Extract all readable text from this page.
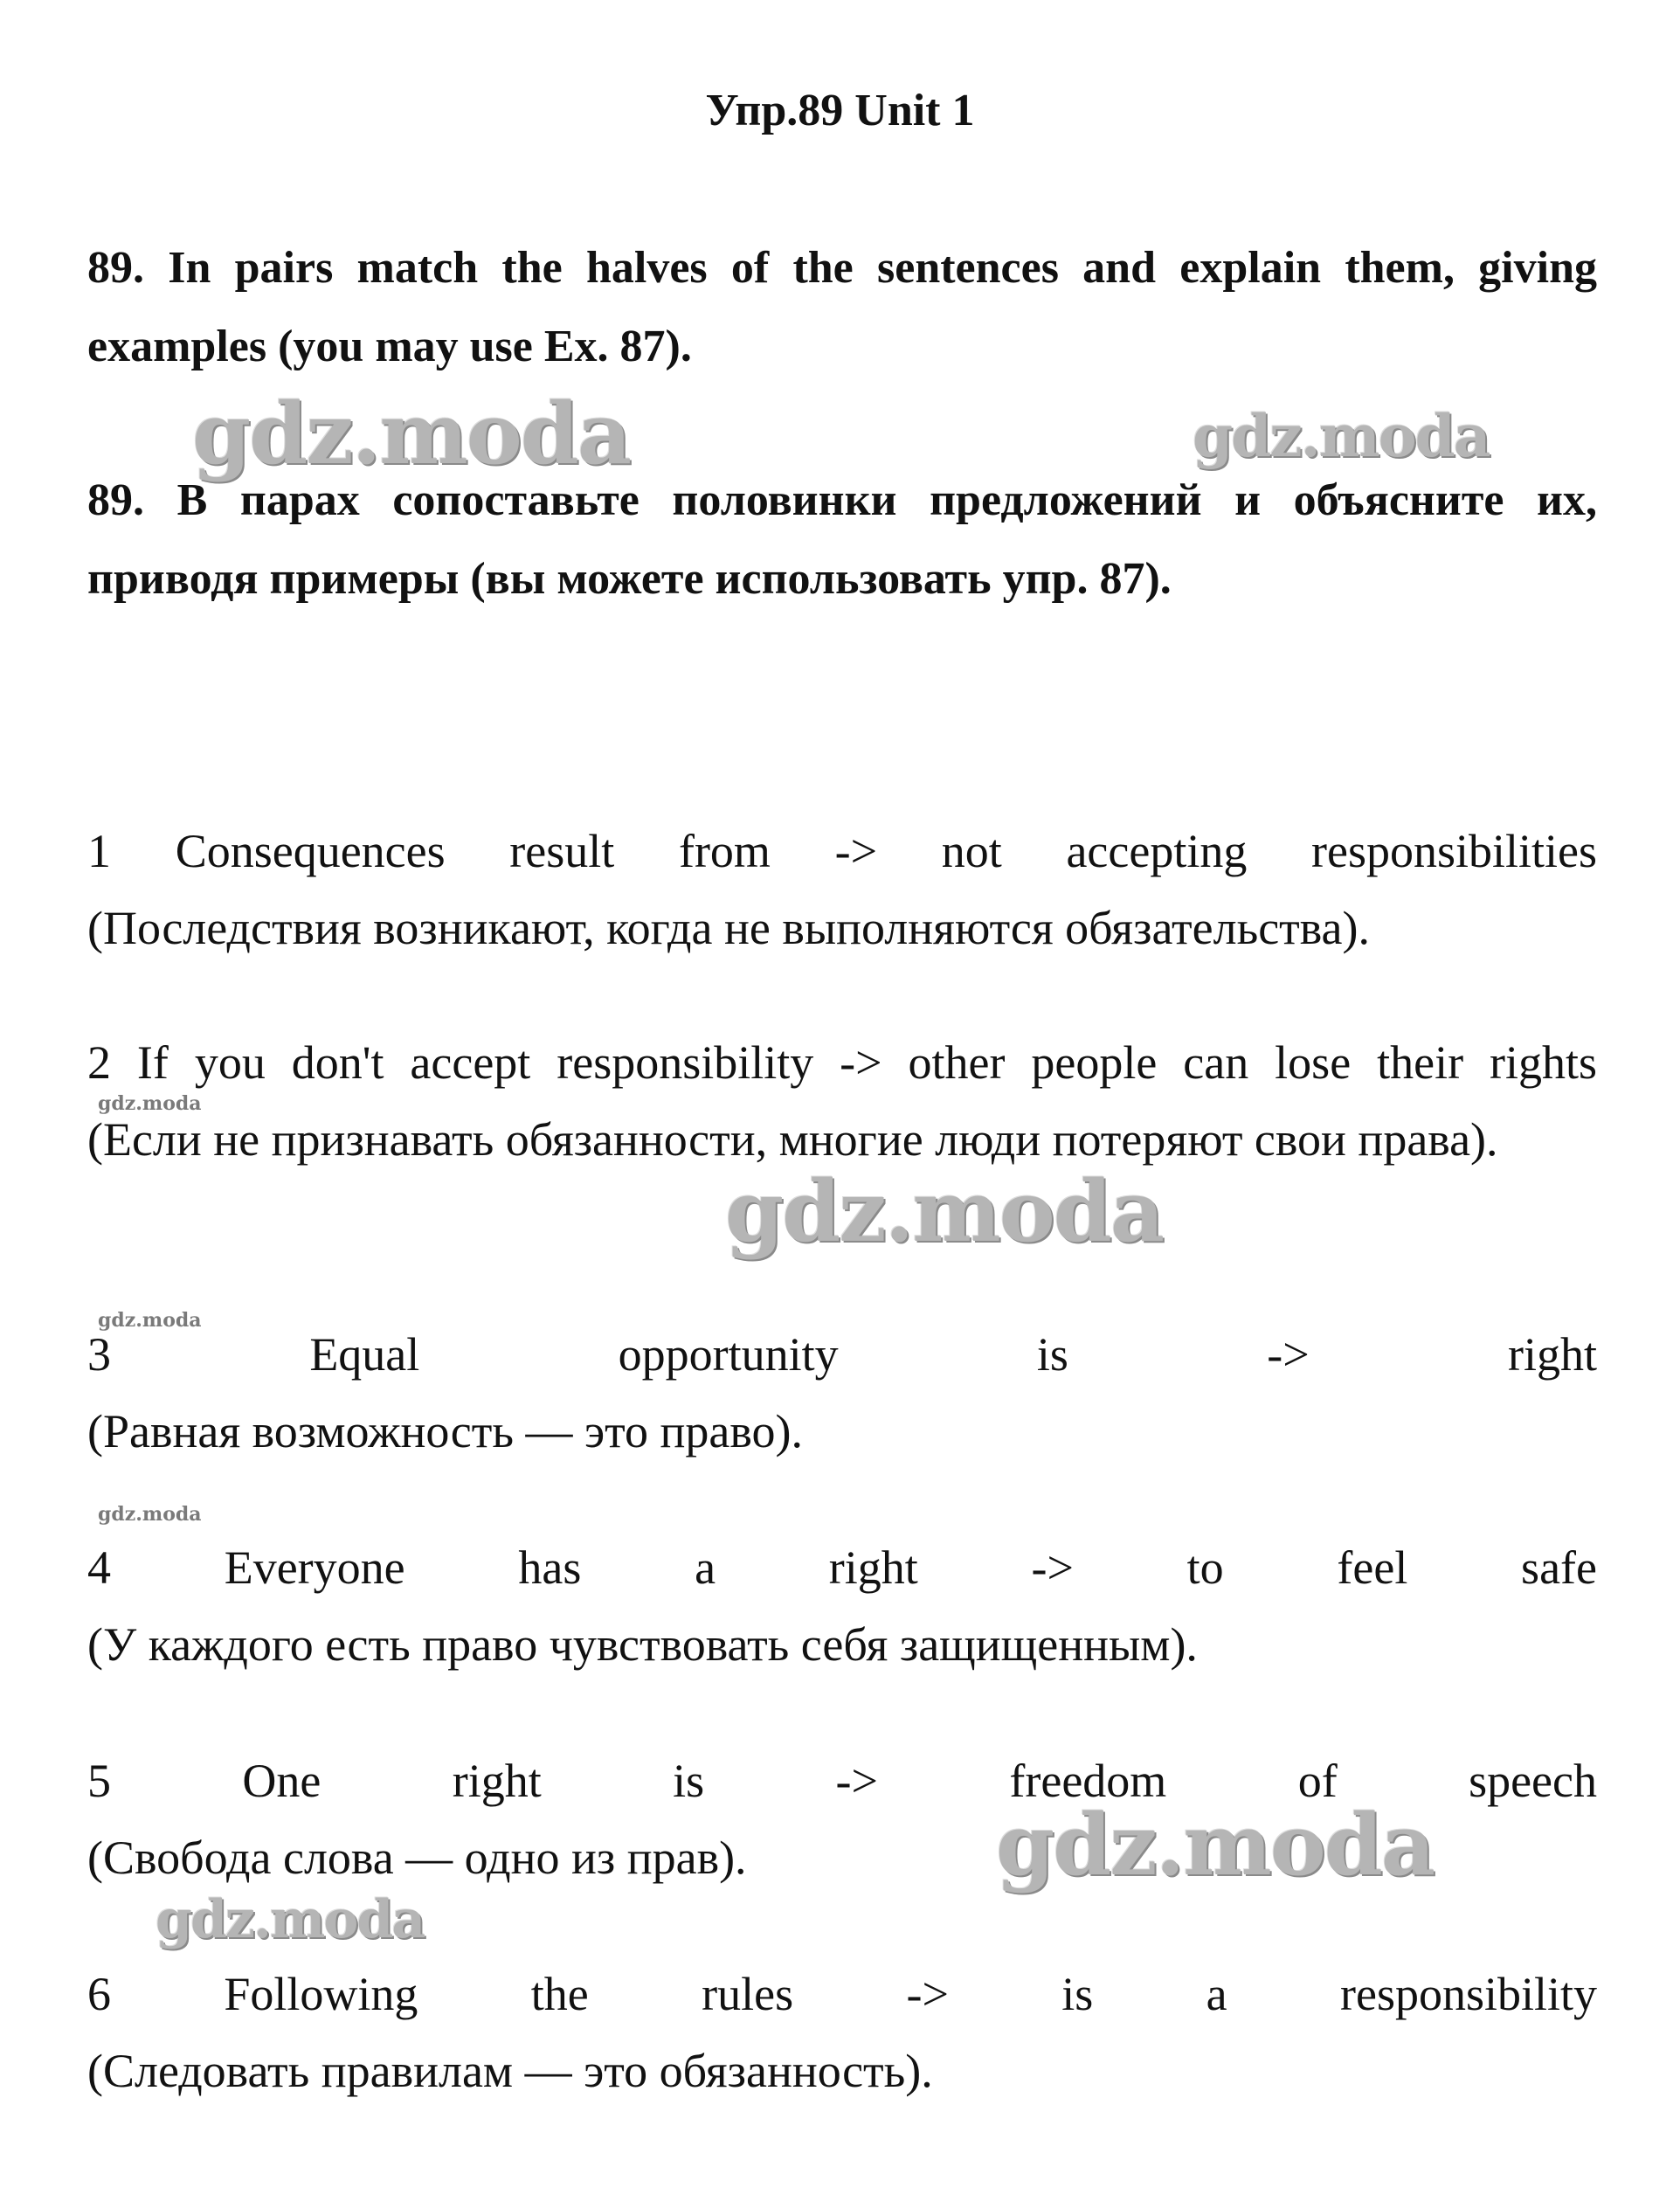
Упр.89 Unit 1
89. In pairs match the halves of the sentences and explain them, giving examples (you may use Ex. 87).
89. В парах сопоставьте половинки предложений и объясните их, приводя примеры (вы можете использовать упр. 87).
1 Consequences result from -> not accepting responsibilities
(Последствия возникают, когда не выполняются обязательства).
2 If you don't accept responsibility -> other people can lose their rights
(Если не признавать обязанности, многие люди потеряют свои права).
3 Equal opportunity is -> right
(Равная возможность — это право).
4 Everyone has a right -> to feel safe
(У каждого есть право чувствовать себя защищенным).
5 One right is -> freedom of speech
(Свобода слова — одно из прав).
6 Following the rules -> is a responsibility
(Следовать правилам — это обязанность).
gdz.moda	gdz.moda
gdz.moda
gdz.moda
gdz.moda
gdz.moda
gdz.moda
gdz.moda
